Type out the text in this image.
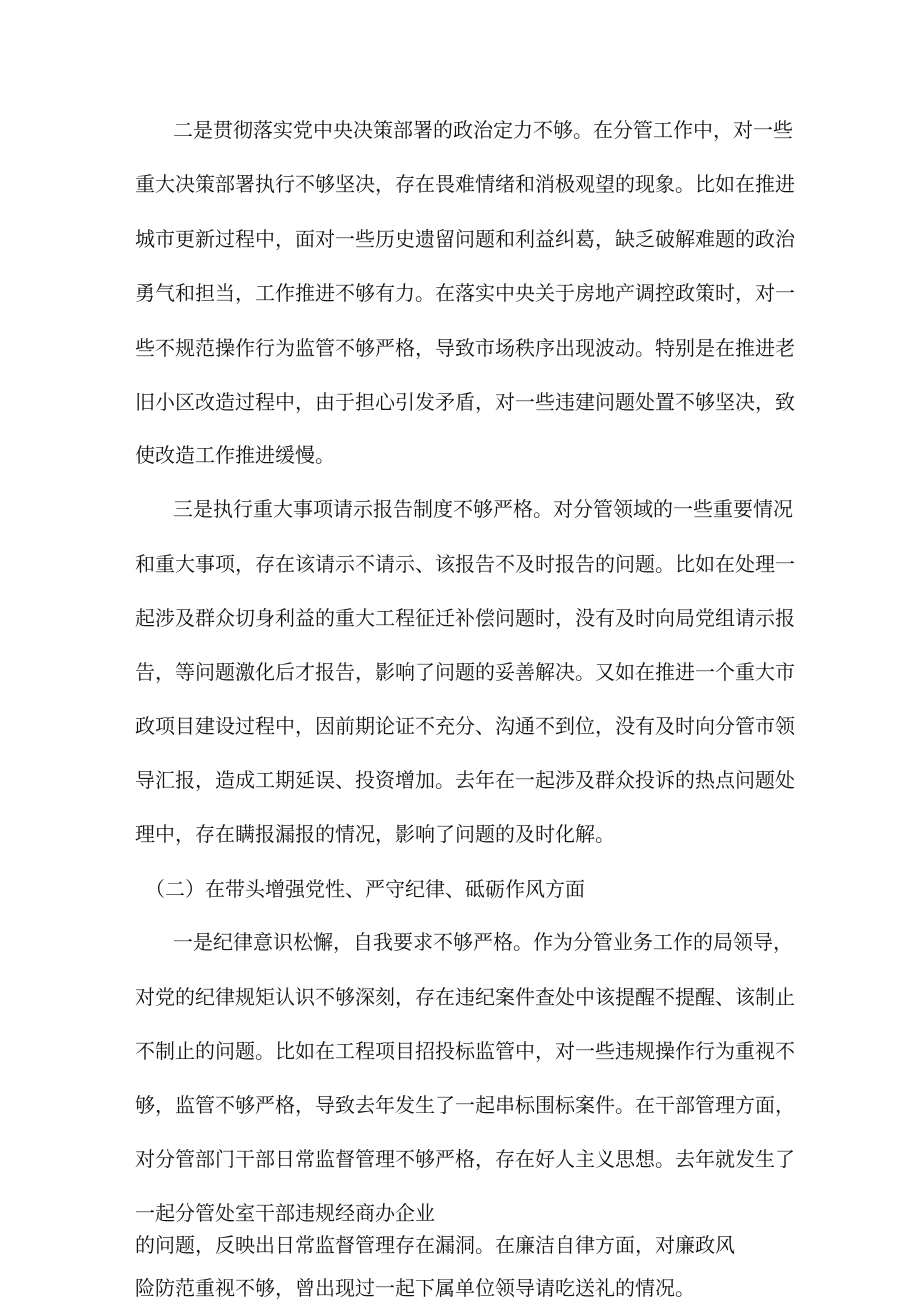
二是贯彻落实党中央决策部署的政治定力不够。在分管工作中，对一些

重大决策部署执行不够坚决，存在畏难情绪和消极观望的现象。比如在推进

城市更新过程中，面对一些历史遗留问题和利益纠葛，缺乏破解难题的政治

勇气和担当，工作推进不够有力。在落实中央关于房地产调控政策时，对一

些不规范操作行为监管不够严格，导致市场秩序出现波动。特别是在推进老

旧小区改造过程中，由于担心引发矛盾，对一些违建问题处置不够坚决，致

使改造工作推进缓慢。

三是执行重大事项请示报告制度不够严格。对分管领域的一些重要情况

和重大事项，存在该请示不请示、该报告不及时报告的问题。比如在处理一

起涉及群众切身利益的重大工程征迁补偿问题时，没有及时向局党组请示报

告，等问题激化后才报告，影响了问题的妥善解决。又如在推进一个重大市

政项目建设过程中，因前期论证不充分、沟通不到位，没有及时向分管市领

导汇报，造成工期延误、投资增加。去年在一起涉及群众投诉的热点问题处

理中，存在瞒报漏报的情况，影响了问题的及时化解。

（二）在带头增强党性、严守纪律、砥砺作风方面

一是纪律意识松懈，自我要求不够严格。作为分管业务工作的局领导，

对党的纪律规矩认识不够深刻，存在违纪案件查处中该提醒不提醒、该制止

不制止的问题。比如在工程项目招投标监管中，对一些违规操作行为重视不

够，监管不够严格，导致去年发生了一起串标围标案件。在干部管理方面，

对分管部门干部日常监督管理不够严格，存在好人主义思想。去年就发生了

一起分管处室干部违规经商办企业

的问题，反映出日常监督管理存在漏洞。在廉洁自律方面，对廉政风

险防范重视不够，曾出现过一起下属单位领导请吃送礼的情况。
